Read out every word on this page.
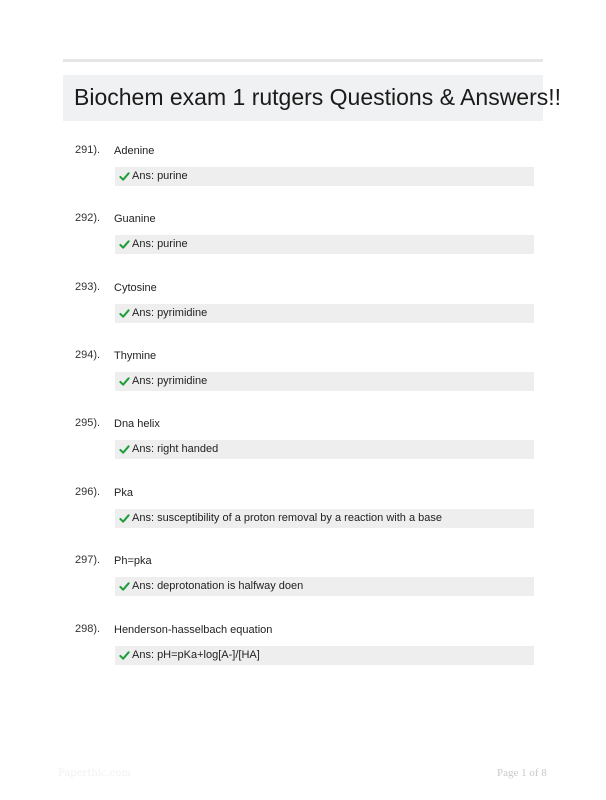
Biochem exam 1 rutgers Questions & Answers!!
291). Adenine
Ans: purine
292). Guanine
Ans: purine
293). Cytosine
Ans: pyrimidine
294). Thymine
Ans: pyrimidine
295). Dna helix
Ans: right handed
296). Pka
Ans: susceptibility of a proton removal by a reaction with a base
297). Ph=pka
Ans: deprotonation is halfway doen
298). Henderson-hasselbach equation
Ans: pH=pKa+log[A-]/[HA]
Paperthic.com	Page 1 of 8
